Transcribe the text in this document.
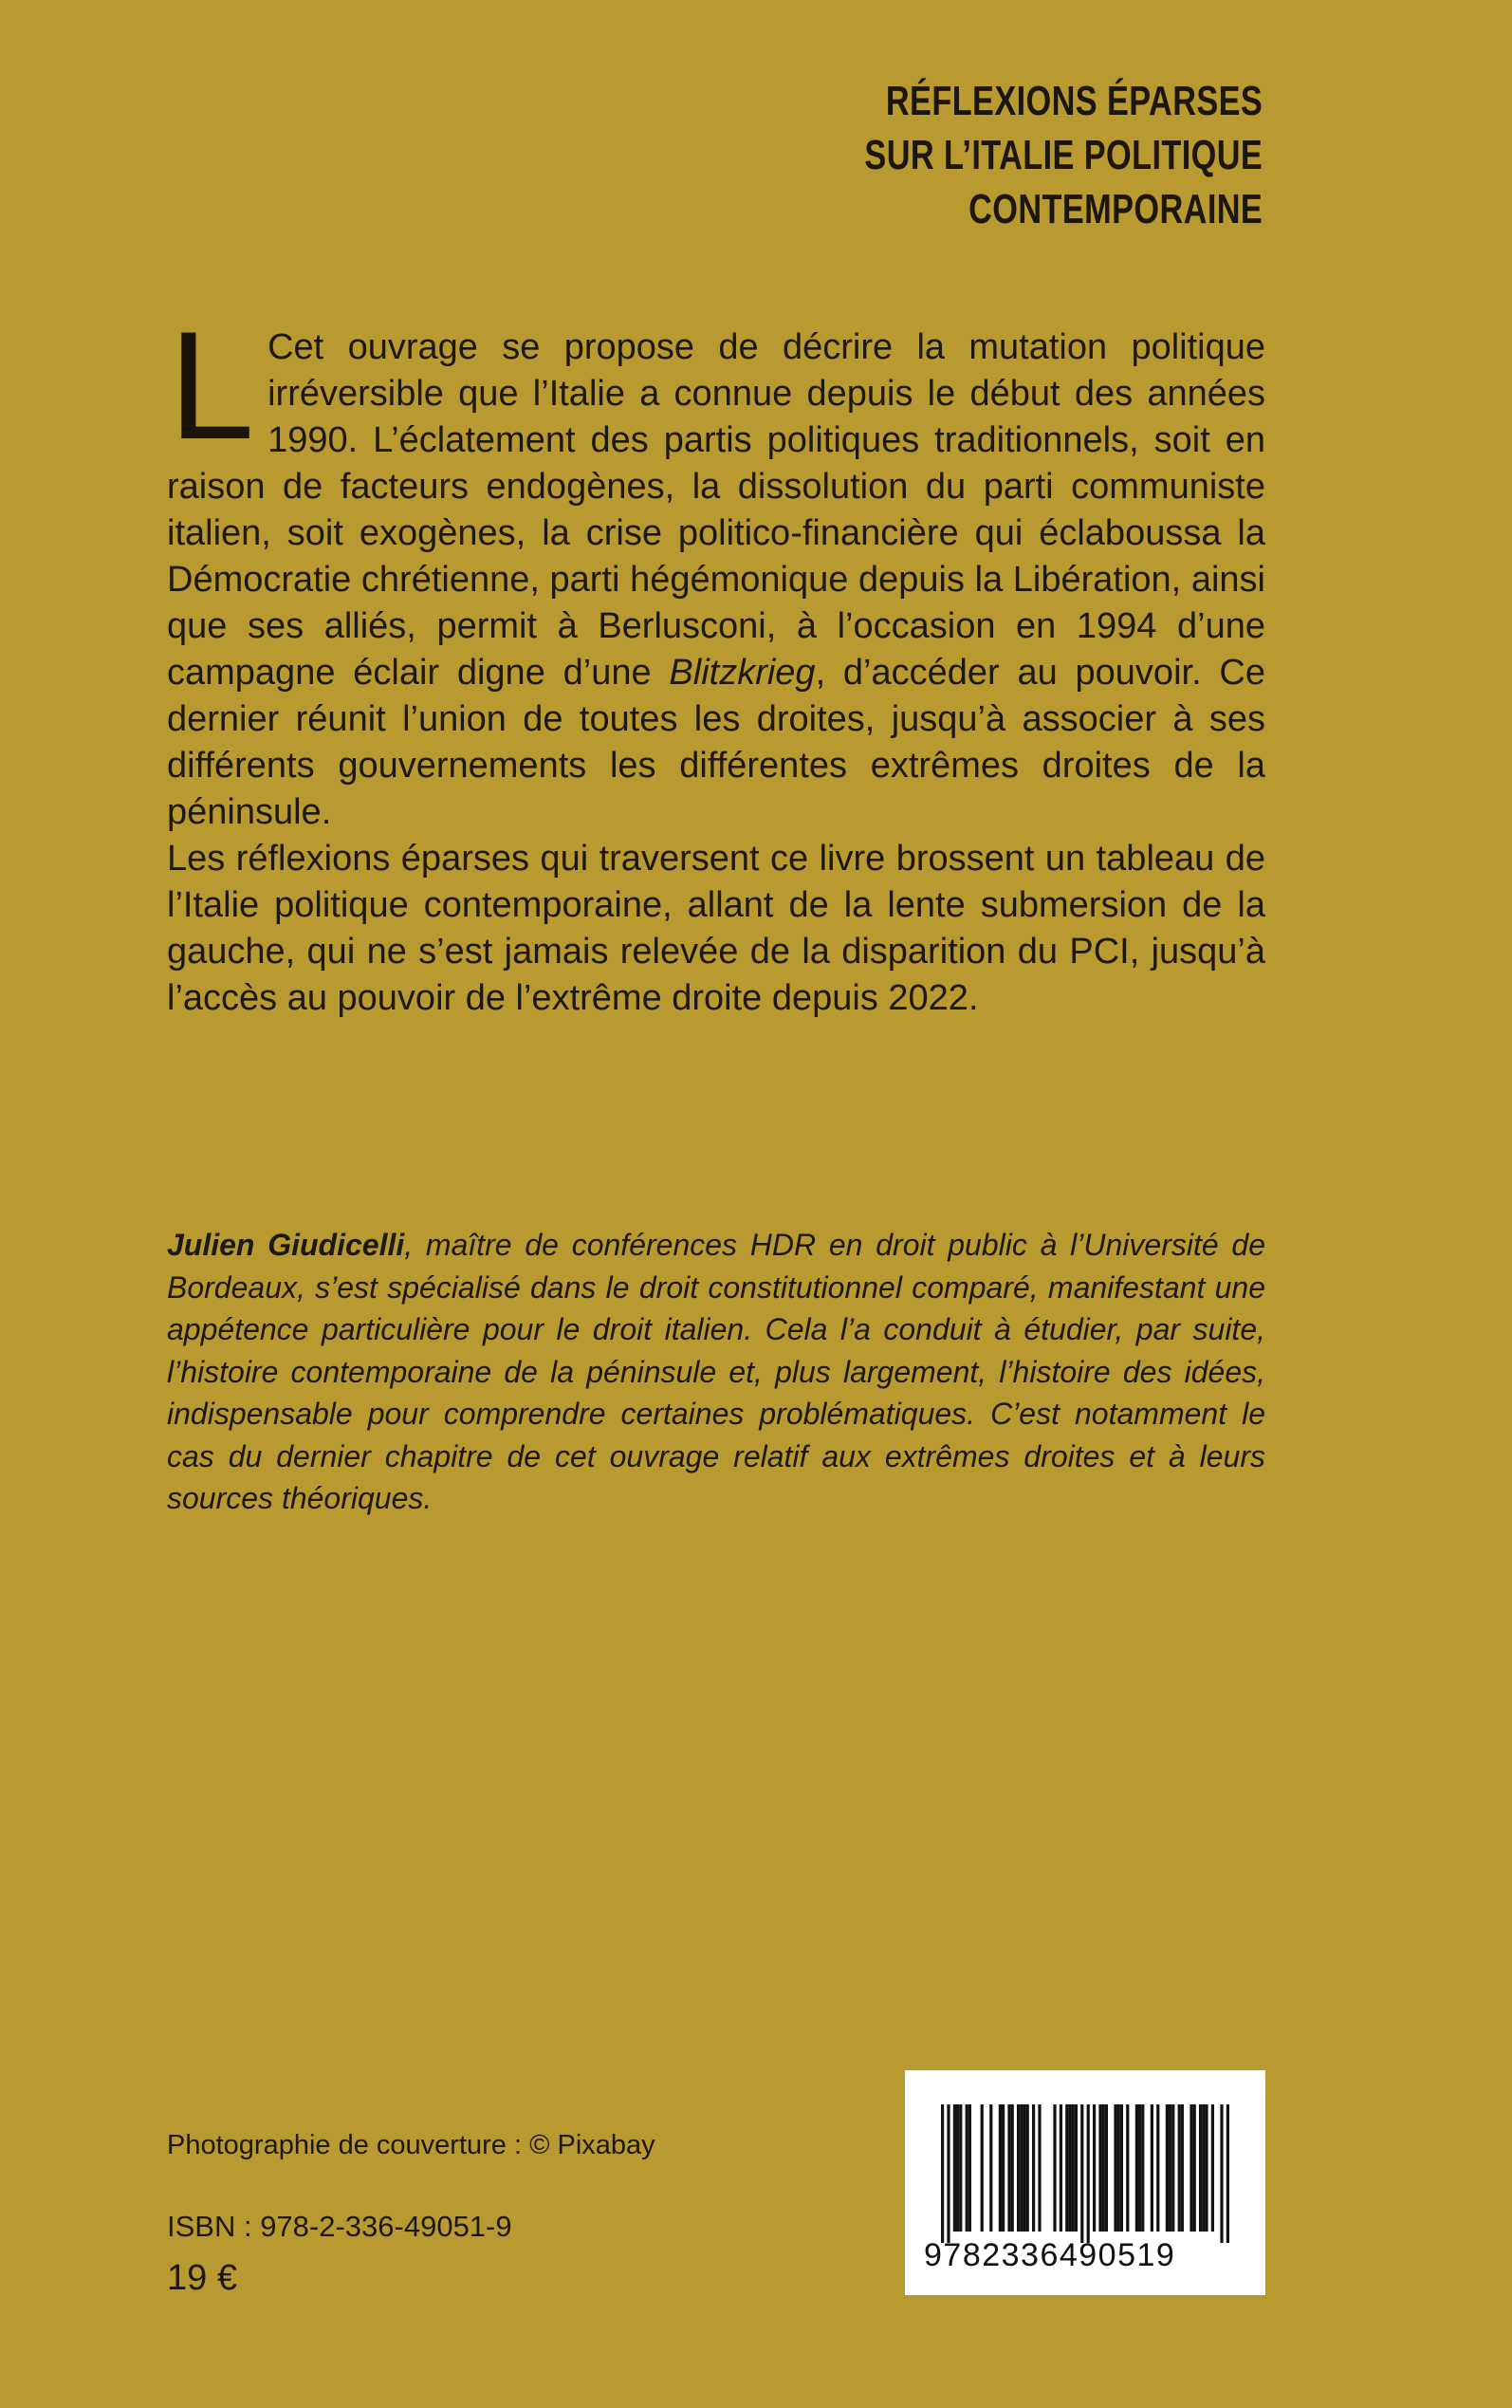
RÉFLEXIONS ÉPARSES
SUR L’ITALIE POLITIQUE
CONTEMPORAINE

L Cet ouvrage se propose de décrire la mutation politique irréversible que l’Italie a connue depuis le début des années 1990. L’éclatement des partis politiques traditionnels, soit en raison de facteurs endogènes, la dissolution du parti communiste italien, soit exogènes, la crise politico-financière qui éclaboussa la Démocratie chrétienne, parti hégémonique depuis la Libération, ainsi que ses alliés, permit à Berlusconi, à l’occasion en 1994 d’une campagne éclair digne d’une Blitzkrieg, d’accéder au pouvoir. Ce dernier réunit l’union de toutes les droites, jusqu’à associer à ses différents gouvernements les différentes extrêmes droites de la péninsule.

Les réflexions éparses qui traversent ce livre brossent un tableau de l’Italie politique contemporaine, allant de la lente submersion de la gauche, qui ne s’est jamais relevée de la disparition du PCI, jusqu’à l’accès au pouvoir de l’extrême droite depuis 2022.

Julien Giudicelli, maître de conférences HDR en droit public à l’Université de Bordeaux, s’est spécialisé dans le droit constitutionnel comparé, manifestant une appétence particulière pour le droit italien. Cela l’a conduit à étudier, par suite, l’histoire contemporaine de la péninsule et, plus largement, l’histoire des idées, indispensable pour comprendre certaines problématiques. C’est notamment le cas du dernier chapitre de cet ouvrage relatif aux extrêmes droites et à leurs sources théoriques.
Photographie de couverture : © Pixabay
ISBN : 978-2-336-49051-9
19 €
9782336490519
